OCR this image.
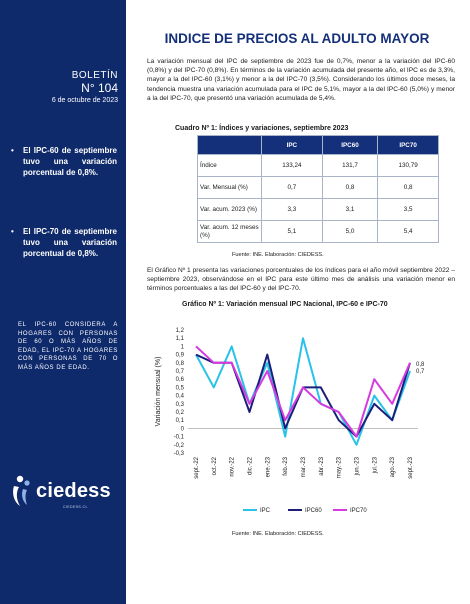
BOLETÍN
N° 104
6 de octubre de 2023
• El IPC-60 de septiembre tuvo una variación porcentual de 0,8%.
• El IPC-70 de septiembre tuvo una variación porcentual de 0,8%.
EL IPC-60 CONSIDERA A HOGARES CON PERSONAS DE 60 O MÁS AÑOS DE EDAD, EL IPC-70 A HOGARES CON PERSONAS DE 70 O MÁS AÑOS DE EDAD.
ciedess
CIEDESS.CL
INDICE DE PRECIOS AL ADULTO MAYOR
La variación mensual del IPC de septiembre de 2023 fue de 0,7%, menor a la variación del IPC-60 (0,8%) y del IPC-70 (0,8%). En términos de la variación acumulada del presente año, el IPC es de 3,3%, mayor a la del IPC-60 (3,1%) y menor a la del IPC-70 (3,5%). Considerando los últimos doce meses, la tendencia muestra una variación acumulada para el IPC de 5,1%, mayor a la del IPC-60 (5,0%) y menor a la del IPC-70, que presentó una variación acumulada de 5,4%.
Cuadro Nº 1: Índices y variaciones, septiembre 2023
	IPC	IPC60	IPC70
Índice	133,24	131,7	130,79
Var. Mensual (%)	0,7	0,8	0,8
Var. acum. 2023 (%)	3,3	3,1	3,5
Var. acum. 12 meses (%)	5,1	5,0	5,4
Fuente: INE. Elaboración: CIEDESS.
El Gráfico Nº 1 presenta las variaciones porcentuales de los índices para el año móvil septiembre 2022 – septiembre 2023, observándose en el IPC para este último mes de análisis una variación menor en términos porcentuales a las del IPC-60 y del IPC-70.
Gráfico Nº 1: Variación mensual IPC Nacional, IPC-60 e IPC-70
-0,3
-0,2
-0,1
0
0,1
0,2
0,3
0,4
0,5
0,6
0,7
0,8
0,9
1
1,1
1,2
Variación mensual (%)
sept.-22 oct.-22 nov.-22 dic.-22 ene.-23 feb.-23 mar.-23 abr.-23 may.-23 jun.-23 jul.-23 ago.-23 sept.-23
0,8
0,7
IPC	IPC60	IPC70
Fuente: INE. Elaboración: CIEDESS.
